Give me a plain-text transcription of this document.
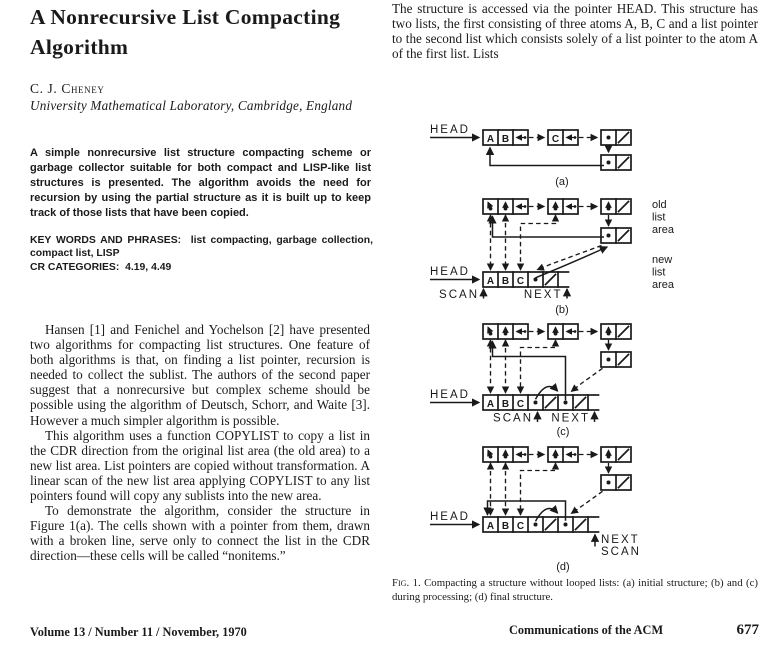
A Nonrecursive List Compacting Algorithm
C. J. Cheney
University Mathematical Laboratory, Cambridge, England

A simple nonrecursive list structure compacting scheme or garbage collector suitable for both compact and LISP-like list structures is presented. The algorithm avoids the need for recursion by using the partial structure as it is built up to keep track of those lists that have been copied.

KEY WORDS AND PHRASES: list compacting, garbage collection, compact list, LISP

CR CATEGORIES: 4.19, 4.49

Hansen [1] and Fenichel and Yochelson [2] have presented two algorithms for compacting list structures. One feature of both algorithms is that, on finding a list pointer, recursion is needed to collect the sublist. The authors of the second paper suggest that a nonrecursive but complex scheme should be possible using the algorithm of Deutsch, Schorr, and Waite [3]. However a much simpler algorithm is possible.

This algorithm uses a function COPYLIST to copy a list in the CDR direction from the original list area (the old area) to a new list area. List pointers are copied without transformation. A linear scan of the new list area applying COPYLIST to any list pointers found will copy any sublists into the new area.

To demonstrate the algorithm, consider the structure in Figure 1(a). The cells shown with a pointer from them, drawn with a broken line, serve only to connect the list in the CDR direction—these cells will be called “nonitems.”

The structure is accessed via the pointer HEAD. This structure has two lists, the first consisting of three atoms A, B, C and a list pointer to the second list which consists solely of a list pointer to the atom A of the first list. Lists

HEAD
A B	C
(a)
old
list
area
new
list
area
HEAD
A B C
SCAN	NEXT
(b)
HEAD
A B C
SCAN NEXT
(c)
HEAD
A B C
NEXT
SCAN
(d)

Fig. 1. Compacting a structure without looped lists: (a) initial structure; (b) and (c) during processing; (d) final structure.

Volume 13 / Number 11 / November, 1970	Communications of the ACM	677
